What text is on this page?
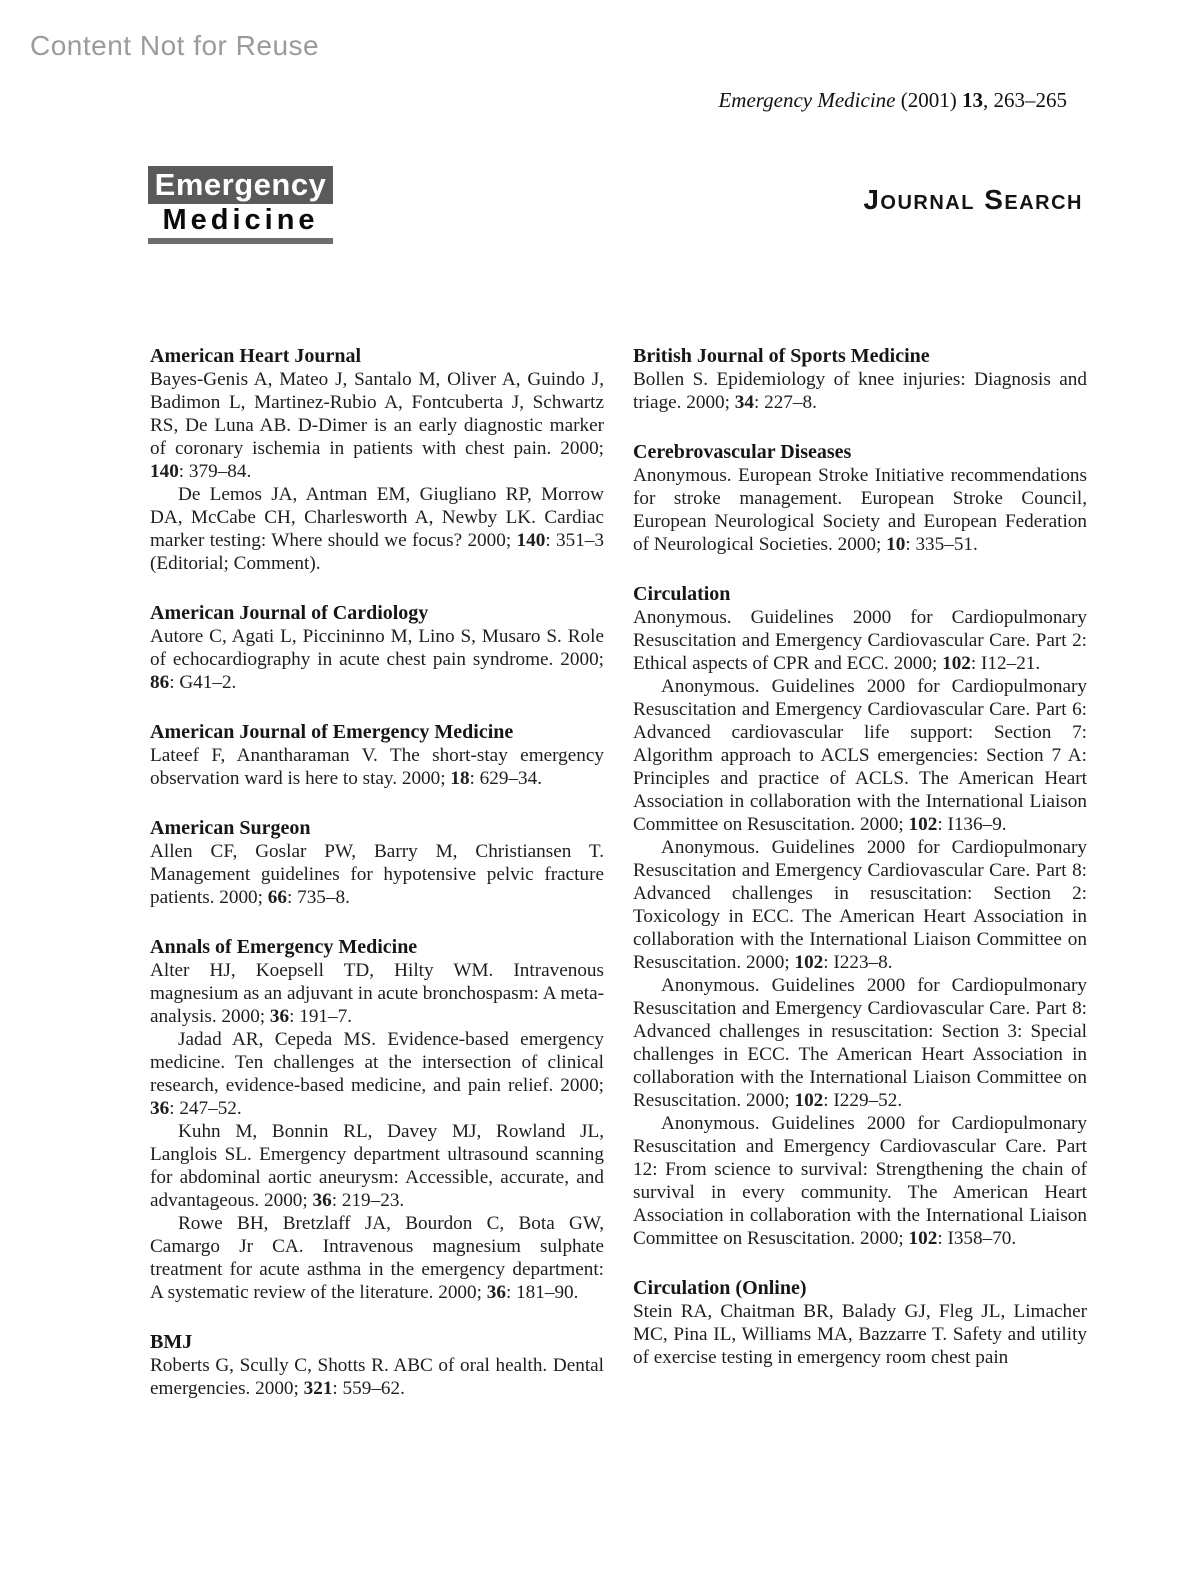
Content Not for Reuse
Emergency Medicine (2001) 13, 263–265
Emergency
Medicine
Journal Search
American Heart Journal

Bayes-Genis A, Mateo J, Santalo M, Oliver A, Guindo J, Badimon L, Martinez-Rubio A, Fontcuberta J, Schwartz RS, De Luna AB. D-Dimer is an early diagnostic marker of coronary ischemia in patients with chest pain. 2000; 140: 379–84.

De Lemos JA, Antman EM, Giugliano RP, Morrow DA, McCabe CH, Charlesworth A, Newby LK. Cardiac marker testing: Where should we focus? 2000; 140: 351–3 (Editorial; Comment).

American Journal of Cardiology

Autore C, Agati L, Piccininno M, Lino S, Musaro S. Role of echocardiography in acute chest pain syndrome. 2000; 86: G41–2.

American Journal of Emergency Medicine

Lateef F, Anantharaman V. The short-stay emergency observation ward is here to stay. 2000; 18: 629–34.

American Surgeon

Allen CF, Goslar PW, Barry M, Christiansen T. Management guidelines for hypotensive pelvic fracture patients. 2000; 66: 735–8.

Annals of Emergency Medicine

Alter HJ, Koepsell TD, Hilty WM. Intravenous magnesium as an adjuvant in acute bronchospasm: A meta-analysis. 2000; 36: 191–7.

Jadad AR, Cepeda MS. Evidence-based emergency medicine. Ten challenges at the intersection of clinical research, evidence-based medicine, and pain relief. 2000; 36: 247–52.

Kuhn M, Bonnin RL, Davey MJ, Rowland JL, Langlois SL. Emergency department ultrasound scanning for abdominal aortic aneurysm: Accessible, accurate, and advantageous. 2000; 36: 219–23.

Rowe BH, Bretzlaff JA, Bourdon C, Bota GW, Camargo Jr CA. Intravenous magnesium sulphate treatment for acute asthma in the emergency department: A systematic review of the literature. 2000; 36: 181–90.

BMJ

Roberts G, Scully C, Shotts R. ABC of oral health. Dental emergencies. 2000; 321: 559–62.

British Journal of Sports Medicine

Bollen S. Epidemiology of knee injuries: Diagnosis and triage. 2000; 34: 227–8.

Cerebrovascular Diseases

Anonymous. European Stroke Initiative recommendations for stroke management. European Stroke Council, European Neurological Society and European Federation of Neurological Societies. 2000; 10: 335–51.

Circulation

Anonymous. Guidelines 2000 for Cardiopulmonary Resuscitation and Emergency Cardiovascular Care. Part 2: Ethical aspects of CPR and ECC. 2000; 102: I12–21.

Anonymous. Guidelines 2000 for Cardiopulmonary Resuscitation and Emergency Cardiovascular Care. Part 6: Advanced cardiovascular life support: Section 7: Algorithm approach to ACLS emergencies: Section 7 A: Principles and practice of ACLS. The American Heart Association in collaboration with the International Liaison Committee on Resuscitation. 2000; 102: I136–9.

Anonymous. Guidelines 2000 for Cardiopulmonary Resuscitation and Emergency Cardiovascular Care. Part 8: Advanced challenges in resuscitation: Section 2: Toxicology in ECC. The American Heart Association in collaboration with the International Liaison Committee on Resuscitation. 2000; 102: I223–8.

Anonymous. Guidelines 2000 for Cardiopulmonary Resuscitation and Emergency Cardiovascular Care. Part 8: Advanced challenges in resuscitation: Section 3: Special challenges in ECC. The American Heart Association in collaboration with the International Liaison Committee on Resuscitation. 2000; 102: I229–52.

Anonymous. Guidelines 2000 for Cardiopulmonary Resuscitation and Emergency Cardiovascular Care. Part 12: From science to survival: Strengthening the chain of survival in every community. The American Heart Association in collaboration with the International Liaison Committee on Resuscitation. 2000; 102: I358–70.

Circulation (Online)

Stein RA, Chaitman BR, Balady GJ, Fleg JL, Limacher MC, Pina IL, Williams MA, Bazzarre T. Safety and utility of exercise testing in emergency room chest pain
